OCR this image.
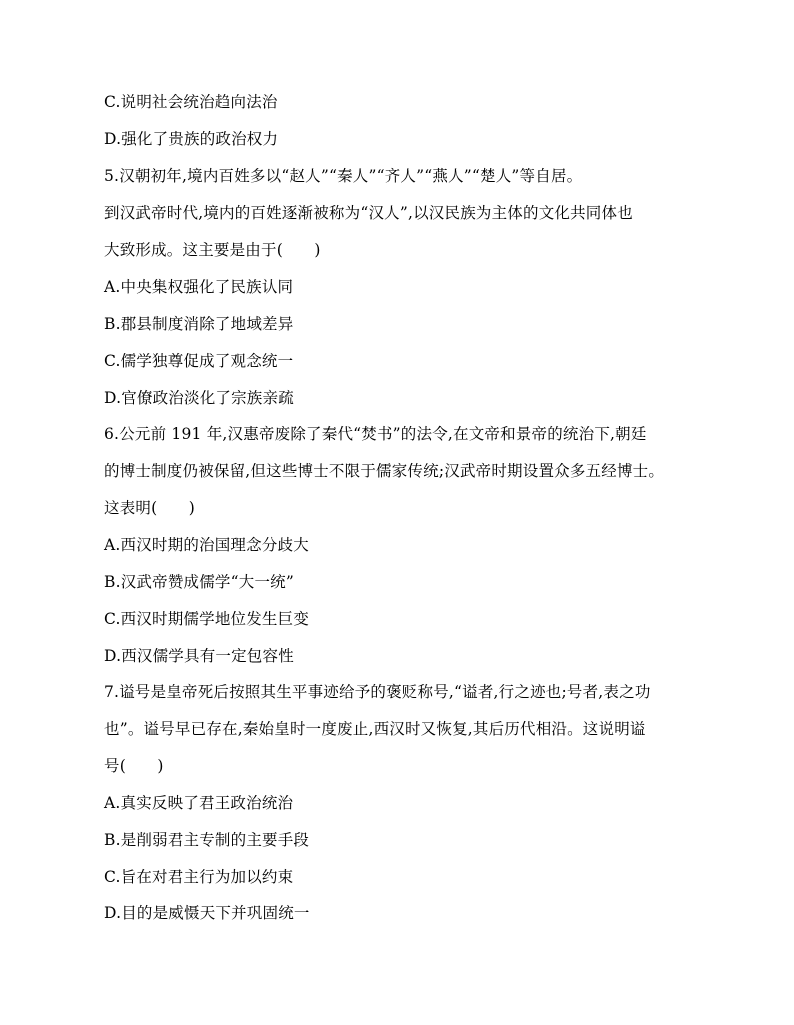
C.说明社会统治趋向法治
D.强化了贵族的政治权力
5.汉朝初年,境内百姓多以“赵人”“秦人”“齐人”“燕人”“楚人”等自居。
到汉武帝时代,境内的百姓逐渐被称为“汉人”,以汉民族为主体的文化共同体也
大致形成。这主要是由于(　　)
A.中央集权强化了民族认同
B.郡县制度消除了地域差异
C.儒学独尊促成了观念统一
D.官僚政治淡化了宗族亲疏
6.公元前 191 年,汉惠帝废除了秦代“焚书”的法令,在文帝和景帝的统治下,朝廷
的博士制度仍被保留,但这些博士不限于儒家传统;汉武帝时期设置众多五经博士。
这表明(　　)
A.西汉时期的治国理念分歧大
B.汉武帝赞成儒学“大一统”
C.西汉时期儒学地位发生巨变
D.西汉儒学具有一定包容性
7.谥号是皇帝死后按照其生平事迹给予的褒贬称号,“谥者,行之迹也;号者,表之功
也”。谥号早已存在,秦始皇时一度废止,西汉时又恢复,其后历代相沿。这说明谥
号(　　)
A.真实反映了君王政治统治
B.是削弱君主专制的主要手段
C.旨在对君主行为加以约束
D.目的是威慑天下并巩固统一
